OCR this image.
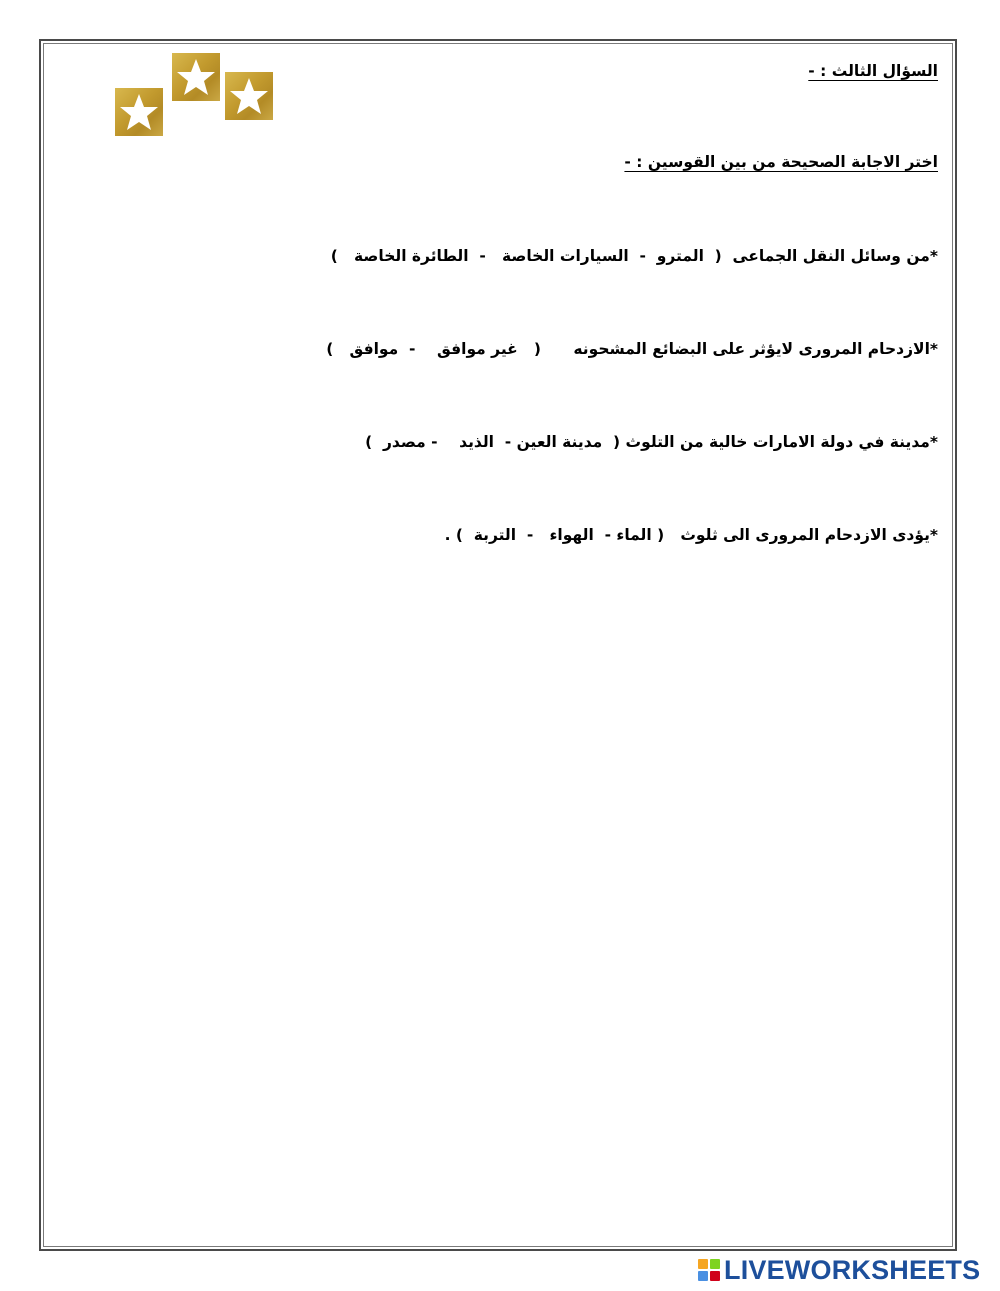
السؤال الثالث : -
اختر الاجابة الصحيحة من بين القوسين : -
*من وسائل النقل الجماعى  (  المترو  -  السيارات الخاصة   -  الطائرة الخاصة   )
*الازدحام المرورى لايؤثر على البضائع المشحونه      (   غير موافق    -  موافق   )
*مدينة في دولة الامارات خالية من التلوث (  مدينة العين -  الذيد    - مصدر  )
*يؤدى الازدحام المرورى الى ثلوث   ( الماء -  الهواء   -  التربة  ) .
LIVEWORKSHEETS
